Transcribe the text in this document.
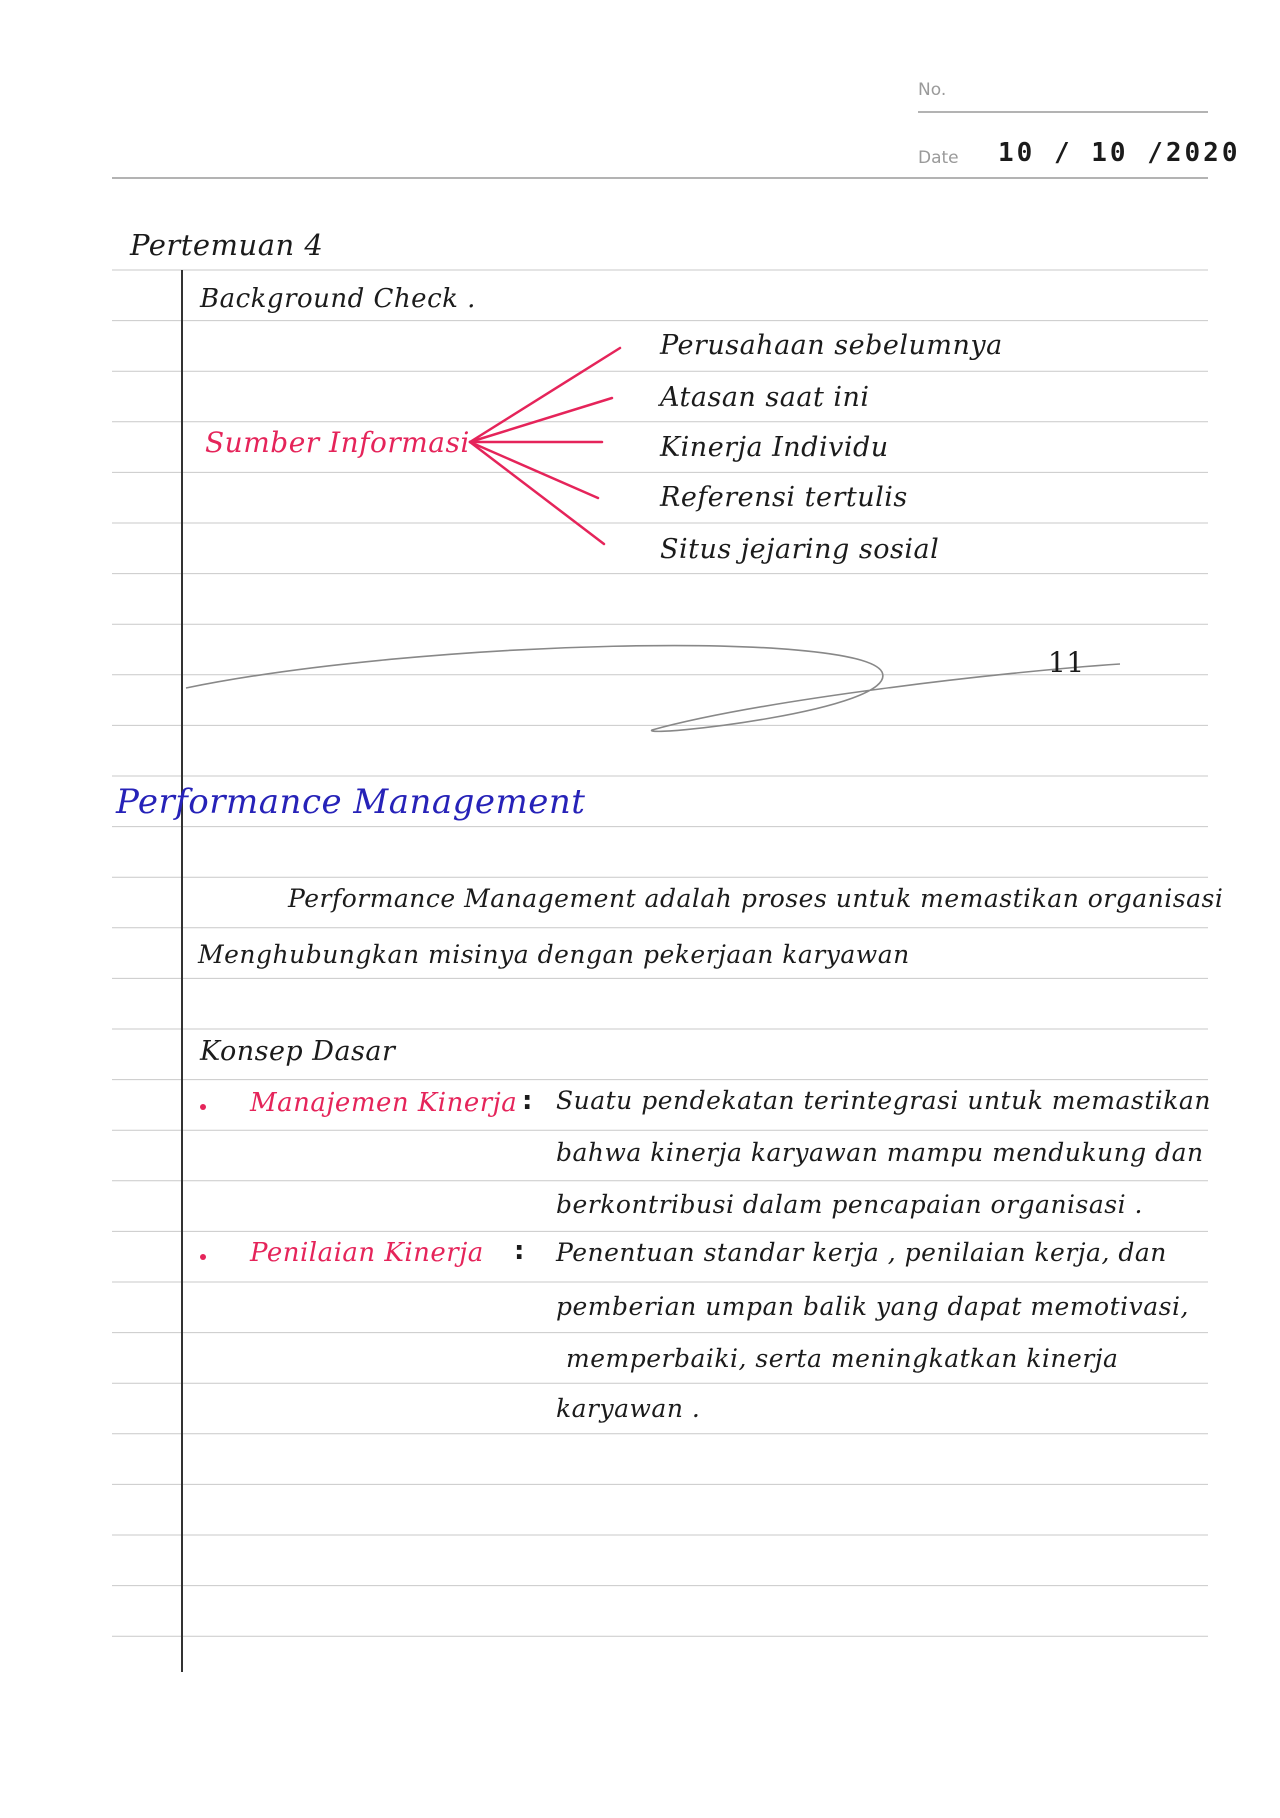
No.
Date 10 / 10 /2020
Pertemuan 4
Background Check .
Sumber Informasi
Perusahaan sebelumnya
Atasan saat ini
Kinerja Individu
Referensi tertulis
Situs jejaring sosial
11
Performance Management
Performance Management adalah proses untuk memastikan organisasi
Menghubungkan misinya dengan pekerjaan karyawan
Konsep Dasar
Manajemen Kinerja : Suatu pendekatan terintegrasi untuk memastikan
bahwa kinerja karyawan mampu mendukung dan
berkontribusi dalam pencapaian organisasi .
Penilaian Kinerja : Penentuan standar kerja , penilaian kerja, dan
pemberian umpan balik yang dapat memotivasi,
memperbaiki, serta meningkatkan kinerja
karyawan .
